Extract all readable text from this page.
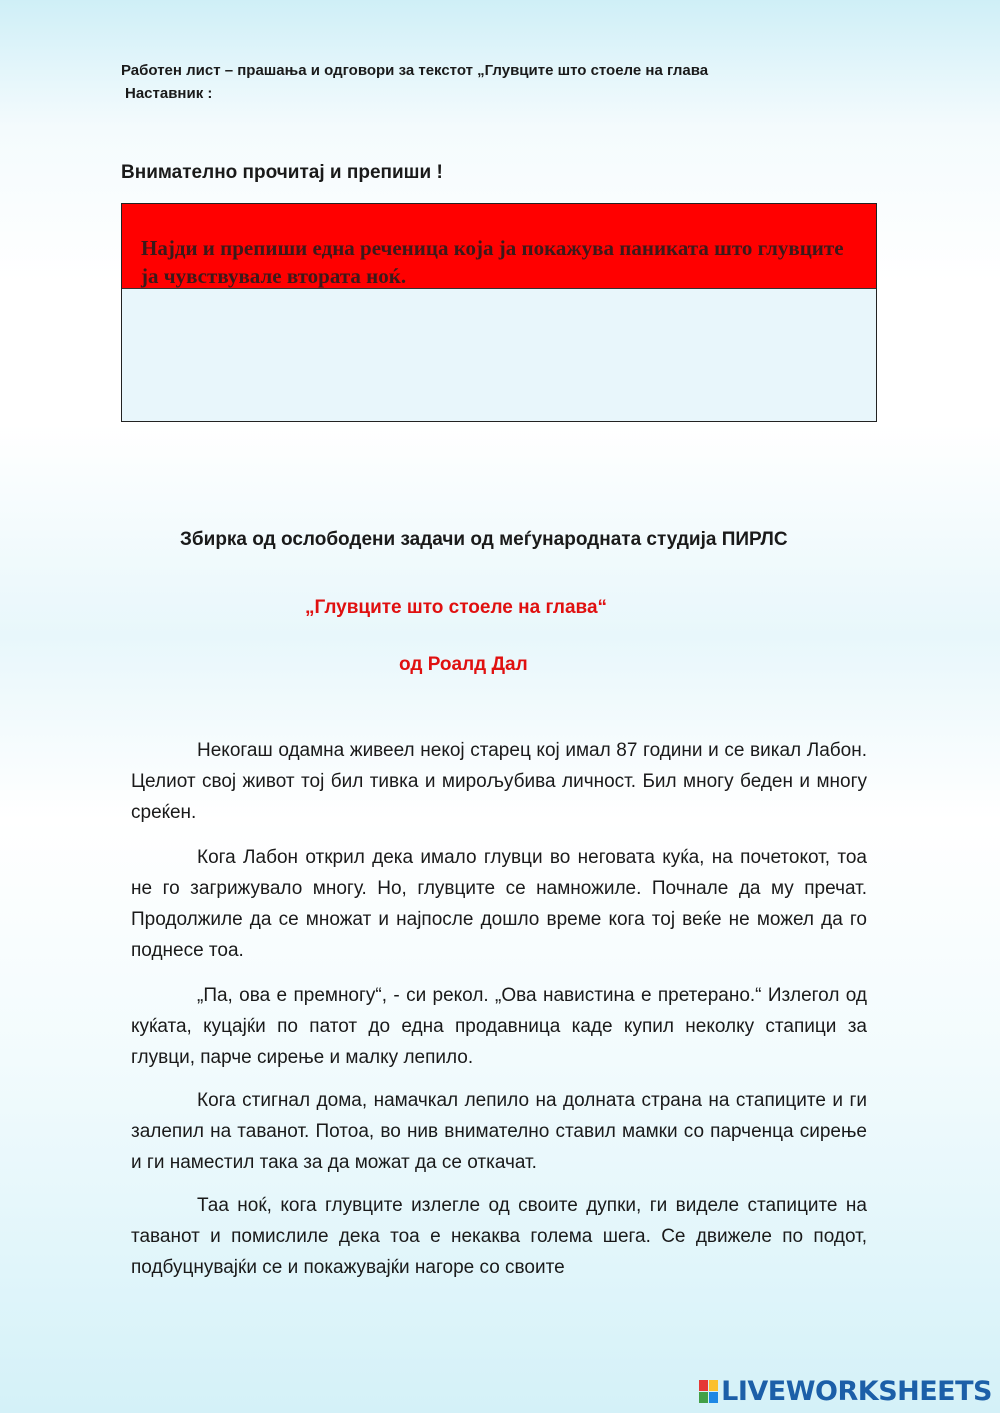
Работен лист – прашања и одговори за текстот „Глувците што стоеле на глава
Наставник :
Внимателно прочитај и препиши !
Најди и препиши една реченица која ја покажува паниката што глувците ја чувствувале втората ноќ.
Збирка од ослободени задачи од меѓународната студија ПИРЛС
„Глувците што стоеле на глава“
од Роалд Дал

Некогаш одамна живеел некој старец кој имал 87 години и се викал Лабон. Целиот свој живот тој бил тивка и мирољубива личност. Бил многу беден и многу среќен.

Кога Лабон открил дека имало глувци во неговата куќа, на почетокот, тоа не го загрижувало многу. Но, глувците се намножиле. Почнале да му пречат. Продолжиле да се множат и најпосле дошло време кога тој веќе не можел да го поднесе тоа.

„Па, ова е премногу“, - си рекол. „Ова навистина е претерано.“ Излегол од куќата, куцајќи по патот до една продавница каде купил неколку стапици за глувци, парче сирење и малку лепило.

Кога стигнал дома, намачкал лепило на долната страна на стапиците и ги залепил на таванот. Потоа, во нив внимателно ставил мамки со парченца сирење и ги наместил така за да можат да се откачат.

Таа ноќ, кога глувците излегле од своите дупки, ги виделе стапиците на таванот и помислиле дека тоа е некаква голема шега. Се движеле по подот, подбуцнувајќи се и покажувајќи нагоре со своите

LIVEWORKSHEETS
